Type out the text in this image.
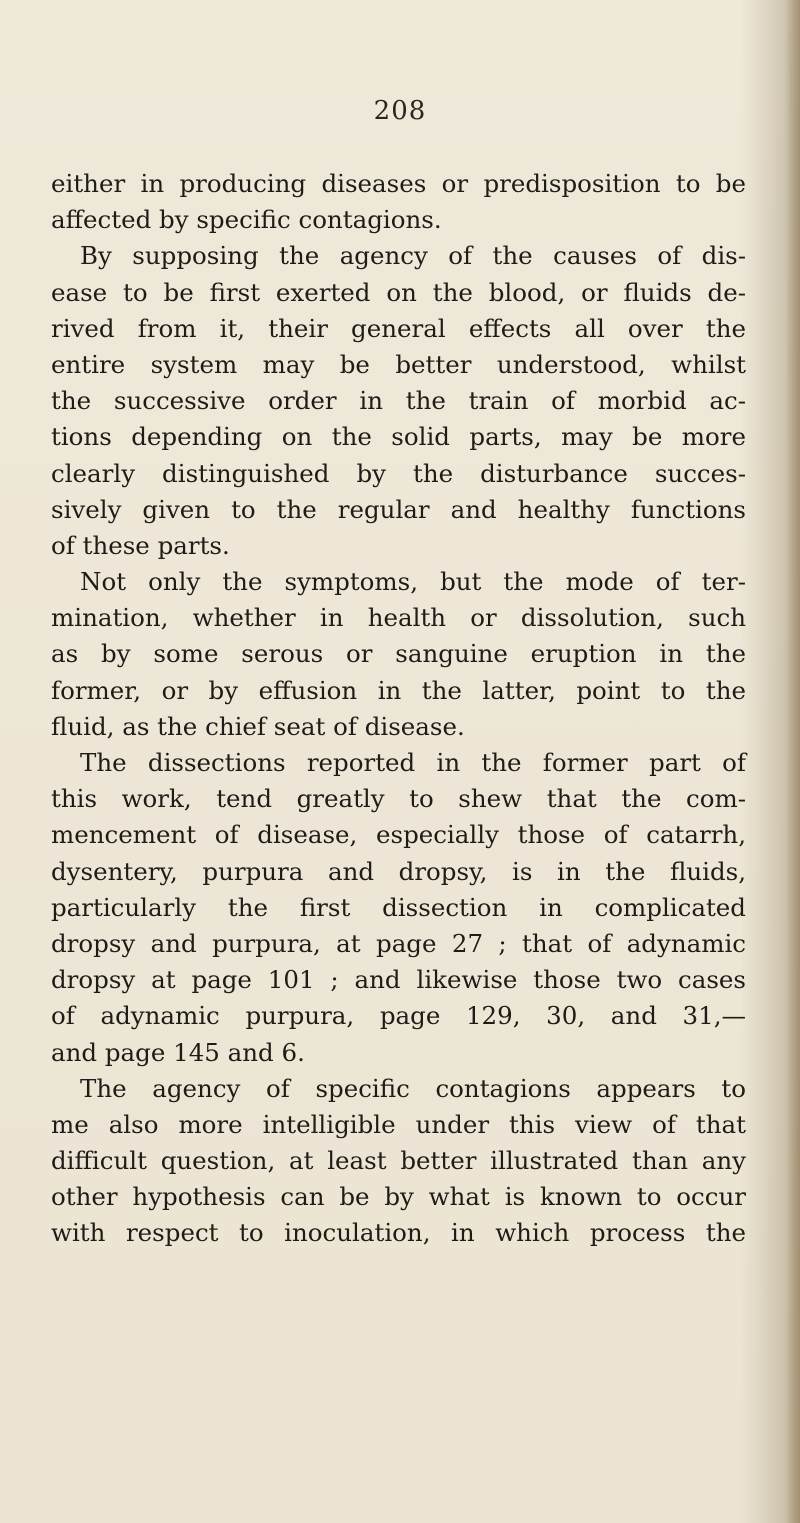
208
either in producing diseases or predisposition to be
affected by specific contagions.
By supposing the agency of the causes of dis-
ease to be first exerted on the blood, or fluids de-
rived from it, their general effects all over the
entire system may be better understood, whilst
the successive order in the train of morbid ac-
tions depending on the solid parts, may be more
clearly distinguished by the disturbance succes-
sively given to the regular and healthy functions
of these parts.
Not only the symptoms, but the mode of ter-
mination, whether in health or dissolution, such
as by some serous or sanguine eruption in the
former, or by effusion in the latter, point to the
fluid, as the chief seat of disease.
The dissections reported in the former part of
this work, tend greatly to shew that the com-
mencement of disease, especially those of catarrh,
dysentery, purpura and dropsy, is in the fluids,
particularly the first dissection in complicated
dropsy and purpura, at page 27 ; that of adynamic
dropsy at page 101 ; and likewise those two cases
of adynamic purpura, page 129, 30, and 31,—
and page 145 and 6.
The agency of specific contagions appears to
me also more intelligible under this view of that
difficult question, at least better illustrated than any
other hypothesis can be by what is known to occur
with respect to inoculation, in which process the
